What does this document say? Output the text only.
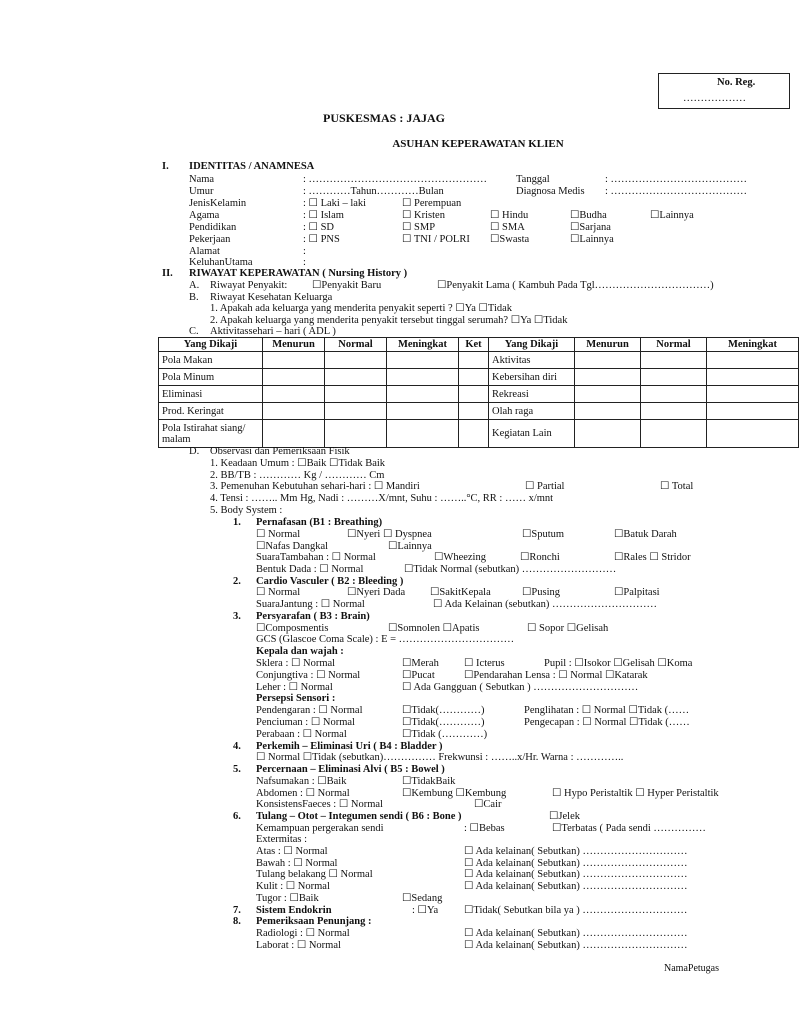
No. Reg.
………………
PUSKESMAS : JAJAG
ASUHAN KEPERAWATAN KLIEN
I. IDENTITAS / ANAMNESA
Nama	: ……………………………………………	Tanggal	: …………………………………
Umur	: …………Tahun…………Bulan	Diagnosa Medis : …………………………………
JenisKelamin	: ☐ Laki – laki	☐ Perempuan
Agama	: ☐ Islam	☐ Kristen	☐ Hindu	☐Budha	☐Lainnya
Pendidikan	: ☐ SD	☐ SMP	☐ SMA	☐Sarjana
Pekerjaan	: ☐ PNS	☐ TNI / POLRI ☐Swasta	☐Lainnya
Alamat	:
KeluhanUtama	:
II. RIWAYAT KEPERAWATAN ( Nursing History )
A. Riwayat Penyakit: ☐Penyakit Baru	☐Penyakit Lama ( Kambuh Pada Tgl……………………………)
B. Riwayat Kesehatan Keluarga
1. Apakah ada keluarga yang menderita penyakit seperti ? ☐Ya ☐Tidak
2. Apakah keluarga yang menderita penyakit tersebut tinggal serumah? ☐Ya ☐Tidak
C. Aktivitassehari – hari ( ADL )
Yang Dikaji	Menurun	Normal	Meningkat	Ket	Yang Dikaji	Menurun	Normal	Meningkat
Pola Makan					Aktivitas			
Pola Minum					Kebersihan diri			
Eliminasi					Rekreasi			
Prod. Keringat					Olah raga			
Pola Istirahat siang/ malam					Kegiatan Lain			
D. Observasi dan Pemeriksaan Fisik
1. Keadaan Umum : ☐Baik ☐Tidak Baik
2. BB/TB : ………… Kg / ………… Cm
3. Pemenuhan Kebutuhan sehari-hari : ☐ Mandiri	☐ Partial	☐ Total
4. Tensi : …….. Mm Hg, Nadi : ………X/mnt, Suhu : ……..°C, RR : …… x/mnt
5. Body System :
1. Pernafasan (B1 : Breathing)
☐ Normal	☐Nyeri ☐ Dyspnea	☐Sputum	☐Batuk Darah
☐Nafas Dangkal	☐Lainnya
SuaraTambahan : ☐ Normal	☐Wheezing	☐Ronchi	☐Rales ☐ Stridor
Bentuk Dada : ☐ Normal	☐Tidak Normal (sebutkan) ………………………
2. Cardio Vasculer ( B2 : Bleeding )
☐ Normal	☐Nyeri Dada ☐SakitKepala	☐Pusing	☐Palpitasi
SuaraJantung : ☐ Normal	☐ Ada Kelainan (sebutkan) …………………………
3. Persyarafan ( B3 : Brain)
☐Composmentis	☐Somnolen ☐Apatis	☐ Sopor ☐Gelisah
GCS (Glascoe Coma Scale) : E = ……………………………
Kepala dan wajah :
Sklera : ☐ Normal	☐Merah ☐ Icterus	Pupil : ☐Isokor ☐Gelisah ☐Koma
Conjungtiva : ☐ Normal	☐Pucat	☐Pendarahan Lensa : ☐ Normal ☐Katarak
Leher : ☐ Normal	☐ Ada Gangguan ( Sebutkan ) …………………………
Persepsi Sensori :
Pendengaran : ☐ Normal	☐Tidak(…………)	Penglihatan : ☐ Normal ☐Tidak (……
Penciuman : ☐ Normal	☐Tidak(…………)	Pengecapan : ☐ Normal ☐Tidak (……
Perabaan : ☐ Normal	☐Tidak (…………)
4. Perkemih – Eliminasi Uri ( B4 : Bladder )
☐ Normal ☐Tidak (sebutkan)…………… Frekwunsi : ……..x/Hr. Warna : …………..
5. Percernaan – Eliminasi Alvi ( B5 : Bowel )
Nafsumakan : ☐Baik	☐TidakBaik
Abdomen : ☐ Normal	☐Kembung ☐Kembung	☐ Hypo Peristaltik ☐ Hyper Peristaltik
KonsistensFaeces : ☐ Normal	☐Cair
☐Jelek
6. Tulang – Otot – Integumen sendi ( B6 : Bone )
Kemampuan pergerakan sendi	: ☐Bebas	☐Terbatas ( Pada sendi ……………
Extermitas :
Atas : ☐ Normal	☐ Ada kelainan( Sebutkan) …………………………
Bawah : ☐ Normal	☐ Ada kelainan( Sebutkan) …………………………
Tulang belakang ☐ Normal	☐ Ada kelainan( Sebutkan) …………………………
Kulit : ☐ Normal	☐ Ada kelainan( Sebutkan) …………………………
Tugor : ☐Baik	☐Sedang
7. Sistem Endokrin	: ☐Ya ☐Tidak( Sebutkan bila ya ) …………………………
8. Pemeriksaan Penunjang :
Radiologi : ☐ Normal	☐ Ada kelainan( Sebutkan) …………………………
Laborat : ☐ Normal	☐ Ada kelainan( Sebutkan) …………………………
NamaPetugas
